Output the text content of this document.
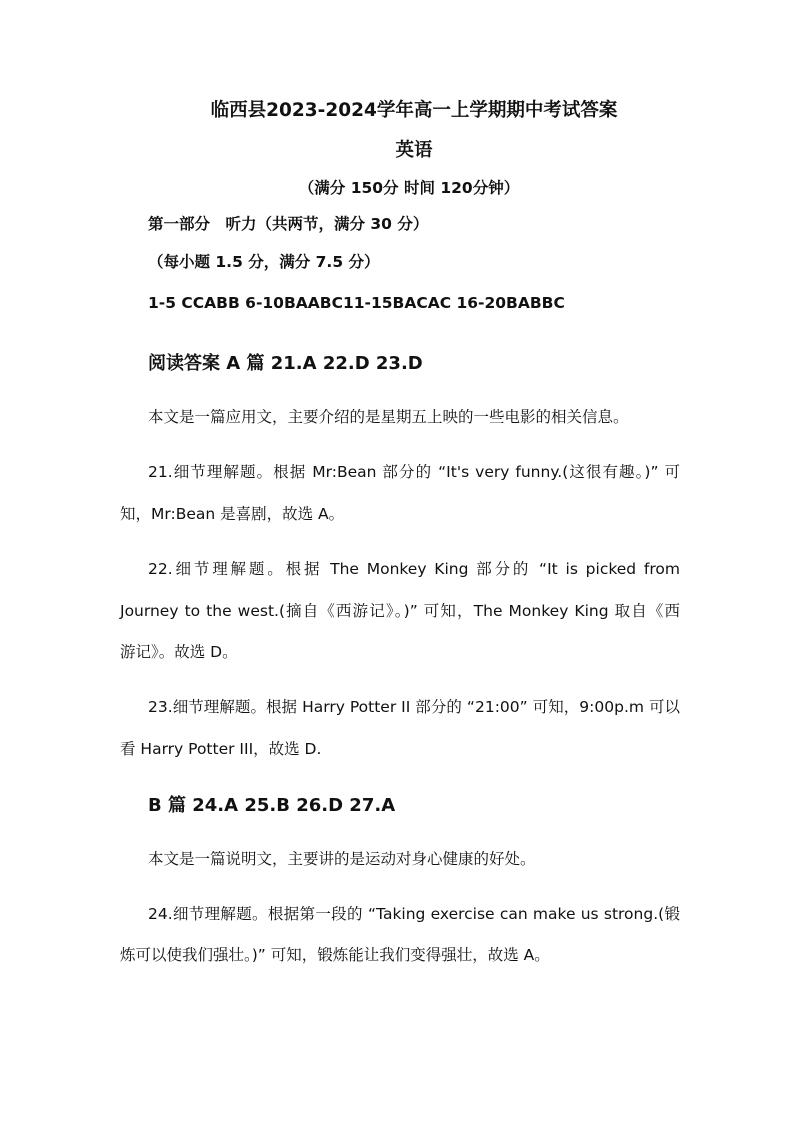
临西县2023-2024学年高一上学期期中考试答案
英语
（满分 150分 时间 120分钟）
第一部分　听力（共两节，满分 30 分）
（每小题 1.5 分，满分 7.5 分）
1-5 CCABB 6-10BAABC11-15BACAC 16-20BABBC
阅读答案 A 篇 21.A 22.D 23.D
本文是一篇应用文，主要介绍的是星期五上映的一些电影的相关信息。
21.细节理解题。根据 Mr:Bean 部分的 “It's very funny.(这很有趣。)” 可
知，Mr:Bean 是喜剧，故选 A。
22.细节理解题。根据 The Monkey King 部分的 “It is picked from
Journey to the west.(摘自《西游记》。)” 可知，The Monkey King 取自《西
游记》。故选 D。
23.细节理解题。根据 Harry Potter II 部分的 “21:00” 可知，9:00p.m 可以
看 Harry Potter III，故选 D.
B 篇 24.A 25.B 26.D 27.A
本文是一篇说明文，主要讲的是运动对身心健康的好处。
24.细节理解题。根据第一段的 “Taking exercise can make us strong.(锻
炼可以使我们强壮。)” 可知，锻炼能让我们变得强壮，故选 A。
